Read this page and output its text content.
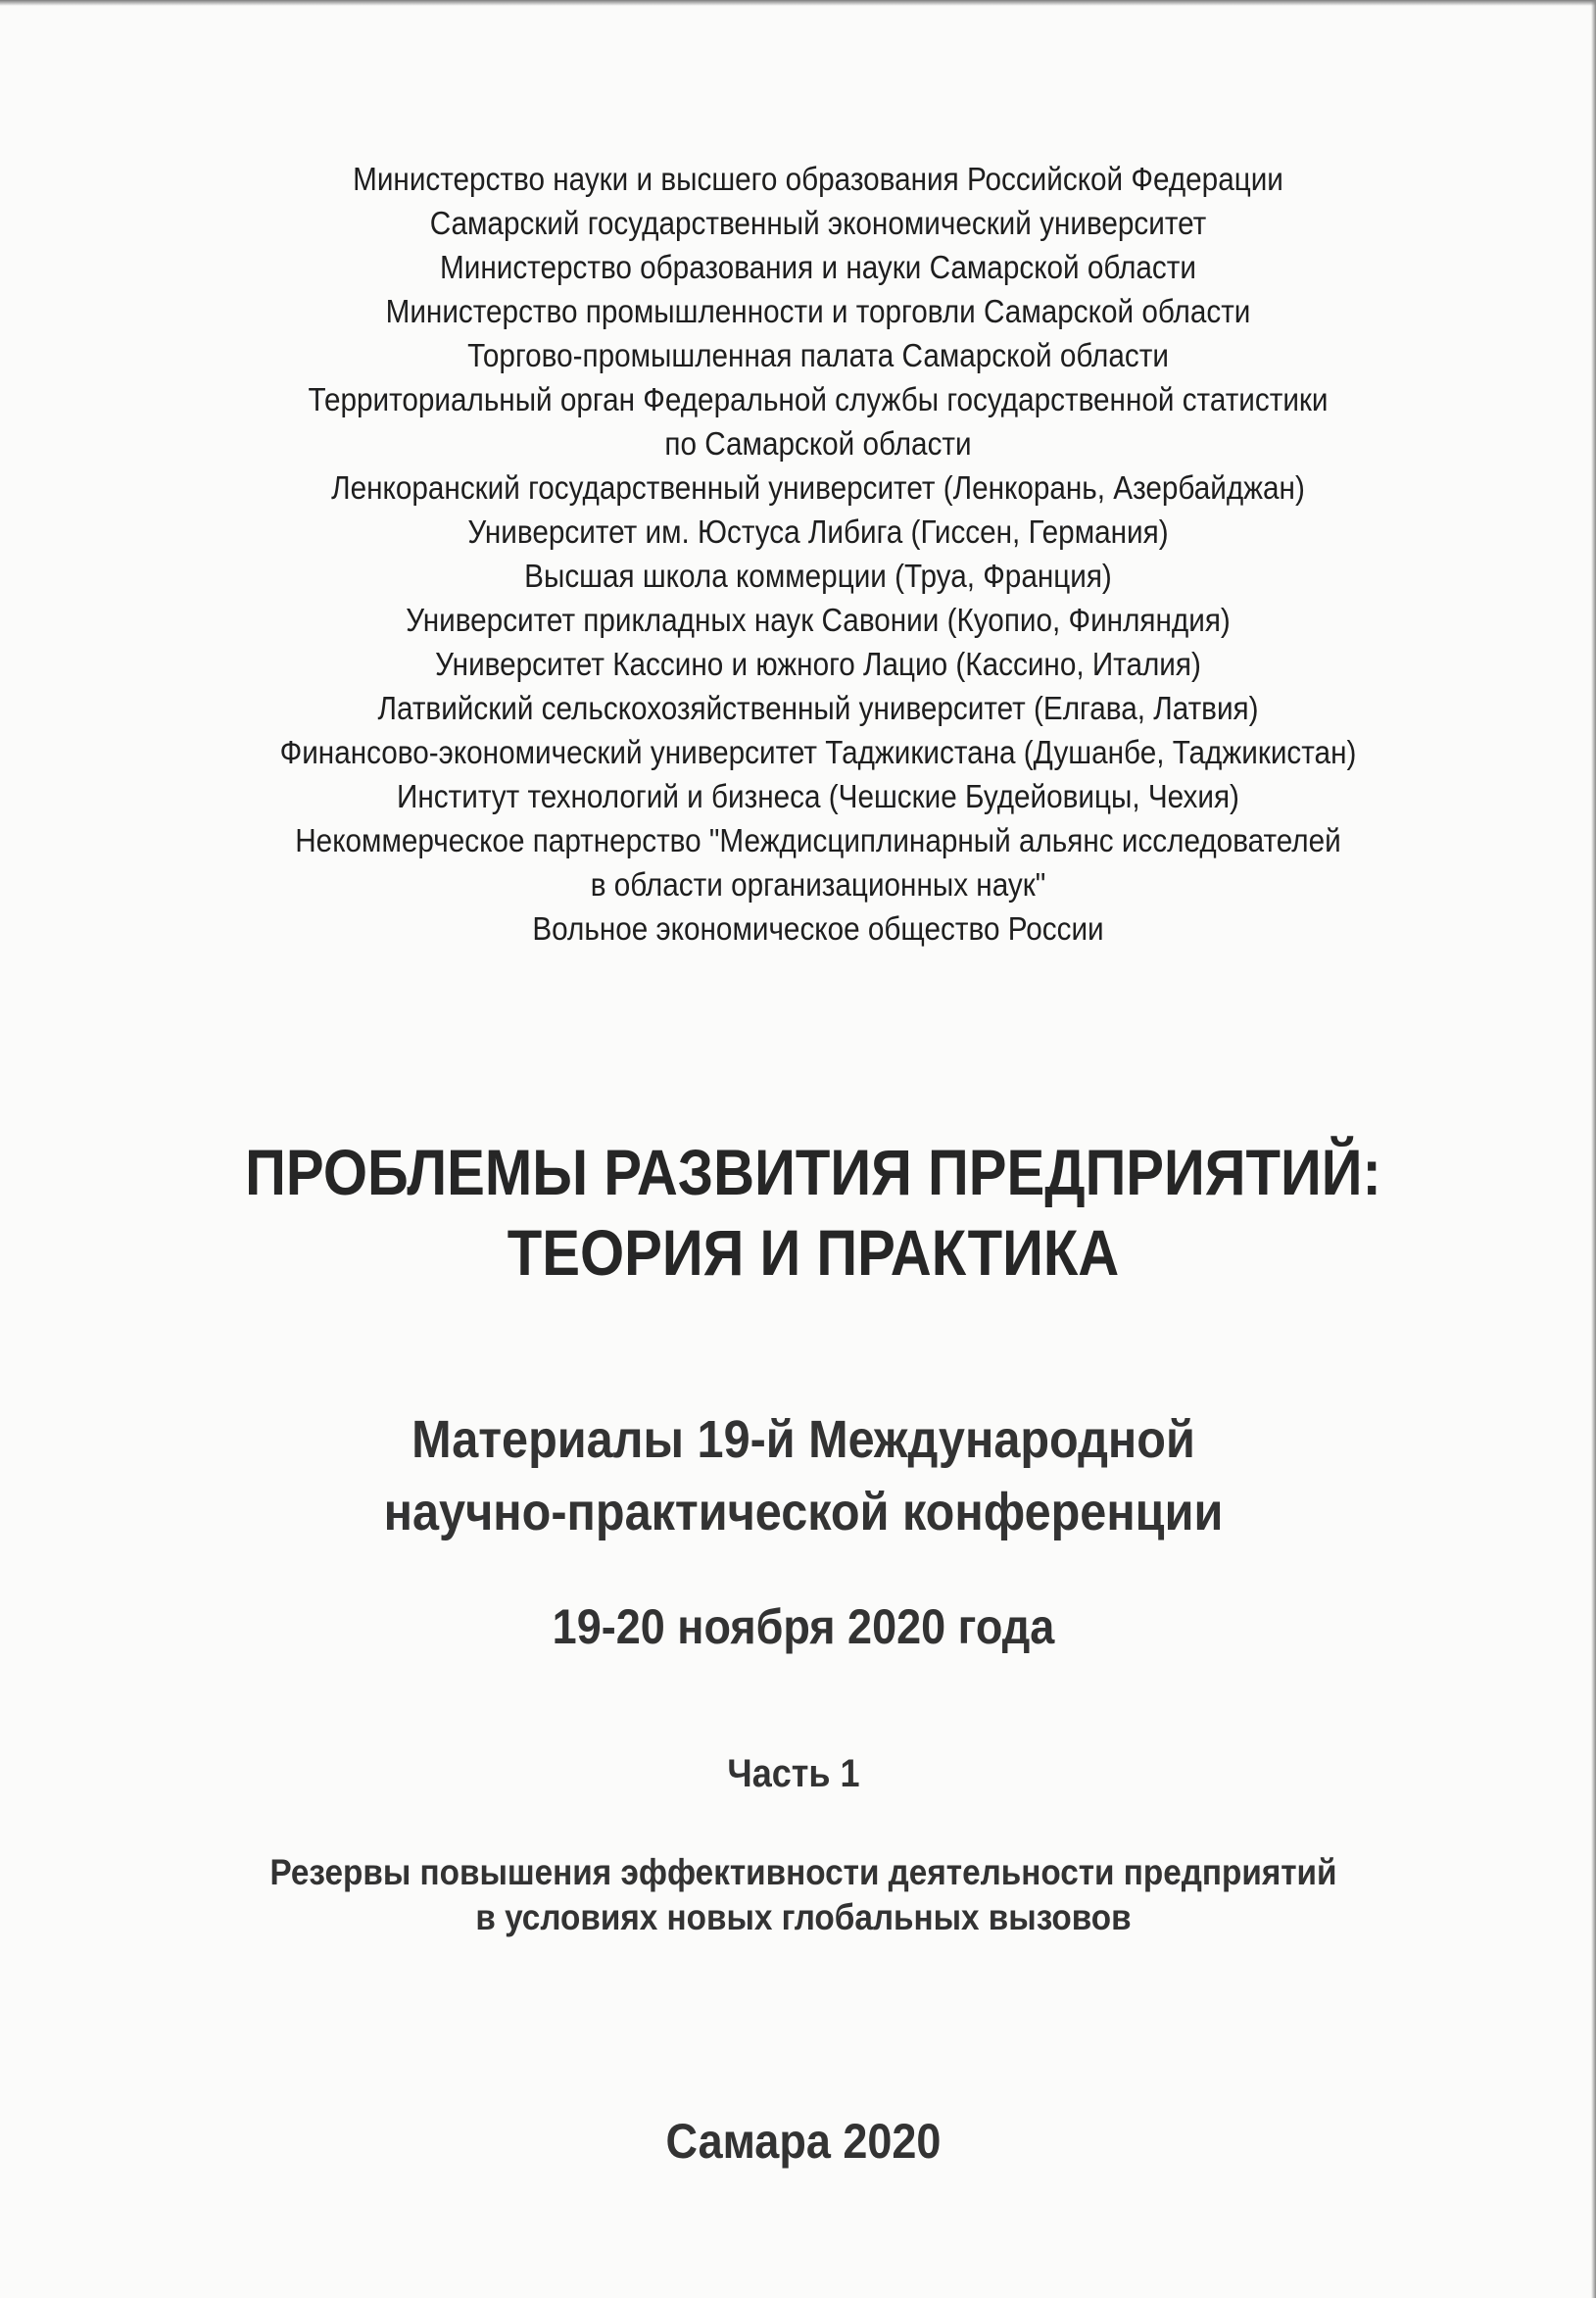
Министерство науки и высшего образования Российской Федерации
Самарский государственный экономический университет
Министерство образования и науки Самарской области
Министерство промышленности и торговли Самарской области
Торгово-промышленная палата Самарской области
Территориальный орган Федеральной службы государственной статистики
по Самарской области
Ленкоранский государственный университет (Ленкорань, Азербайджан)
Университет им. Юстуса Либига (Гиссен, Германия)
Высшая школа коммерции (Труа, Франция)
Университет прикладных наук Савонии (Куопио, Финляндия)
Университет Кассино и южного Лацио (Кассино, Италия)
Латвийский сельскохозяйственный университет (Елгава, Латвия)
Финансово-экономический университет Таджикистана (Душанбе, Таджикистан)
Институт технологий и бизнеса (Чешские Будейовицы, Чехия)
Некоммерческое партнерство "Междисциплинарный альянс исследователей
в области организационных наук"
Вольное экономическое общество России
ПРОБЛЕМЫ РАЗВИТИЯ ПРЕДПРИЯТИЙ:
ТЕОРИЯ И ПРАКТИКА
Материалы 19-й Международной
научно-практической конференции
19-20 ноября 2020 года
Часть 1
Резервы повышения эффективности деятельности предприятий
в условиях новых глобальных вызовов
Самара 2020
